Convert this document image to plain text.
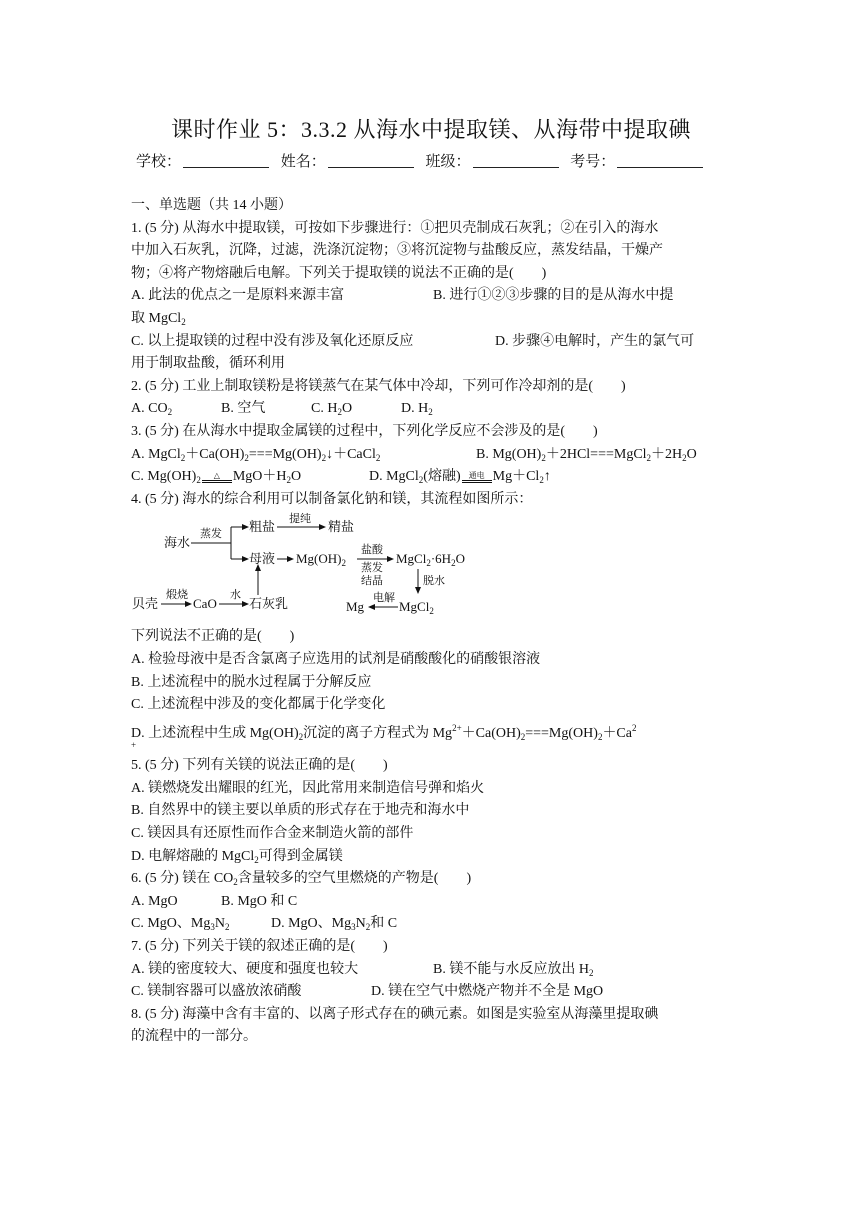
课时作业 5：3.3.2 从海水中提取镁、从海带中提取碘
学校：	姓名：	班级：	考号：
一、单选题（共 14 小题）
1. (5 分) 从海水中提取镁，可按如下步骤进行：①把贝壳制成石灰乳；②在引入的海水
中加入石灰乳，沉降，过滤，洗涤沉淀物；③将沉淀物与盐酸反应，蒸发结晶，干燥产
物；④将产物熔融后电解。下列关于提取镁的说法不正确的是(　　)
A. 此法的优点之一是原料来源丰富	B. 进行①②③步骤的目的是从海水中提
取 MgCl$_2$
C. 以上提取镁的过程中没有涉及氧化还原反应	D. 步骤④电解时，产生的氯气可
用于制取盐酸，循环利用
2. (5 分) 工业上制取镁粉是将镁蒸气在某气体中冷却，下列可作冷却剂的是(　　)
A. $CO_2$	B. 空气	C. $H_2O$	D. $H_2$
3. (5 分) 在从海水中提取金属镁的过程中，下列化学反应不会涉及的是(　　)
A. $MgCl_2+Ca(OH)_2===Mg(OH)_2↓+CaCl_2$	B. $Mg(OH)_2+2HCl===MgCl_2+2H_2O$
C. $Mg(OH)_2$	△ $MgO+H_2O$	D. MgCl$_2$(熔融)	通电 $Mg+Cl_2↑$
4. (5 分) 海水的综合利用可以制备氯化钠和镁，其流程如图所示：
海水
蒸发 粗盐 提纯 精盐
母液 $Mg(OH)_2$
盐酸
蒸发
结晶
$MgCl_2\cdot 6H_2O$
脱水
电解
Mg	MgCl$_2$
贝壳
煅烧
CaO
水
石灰乳
下列说法不正确的是(　　)
A. 检验母液中是否含氯离子应选用的试剂是硝酸酸化的硝酸银溶液
B. 上述流程中的脱水过程属于分解反应
C. 上述流程中涉及的变化都属于化学变化
D. 上述流程中生成 $Mg(OH)_2$沉淀的离子方程式为 $Mg^{2+}+Ca(OH)_2===Mg(OH)_2+Ca^2$
+
5. (5 分) 下列有关镁的说法正确的是(　　)
A. 镁燃烧发出耀眼的红光，因此常用来制造信号弹和焰火
B. 自然界中的镁主要以单质的形式存在于地壳和海水中
C. 镁因具有还原性而作合金来制造火箭的部件
D. 电解熔融的 MgCl$_2$可得到金属镁
6. (5 分) 镁在 $CO_2$含量较多的空气里燃烧的产物是(　　)
A. MgO	B. MgO 和 C
C. MgO、$Mg_3N_2$	D. MgO、$Mg_3N_2$和 C
7. (5 分) 下列关于镁的叙述正确的是(　　)
A. 镁的密度较大、硬度和强度也较大	B. 镁不能与水反应放出 $H_2$
C. 镁制容器可以盛放浓硝酸	D. 镁在空气中燃烧产物并不全是 MgO
8. (5 分) 海藻中含有丰富的、以离子形式存在的碘元素。如图是实验室从海藻里提取碘
的流程中的一部分。
